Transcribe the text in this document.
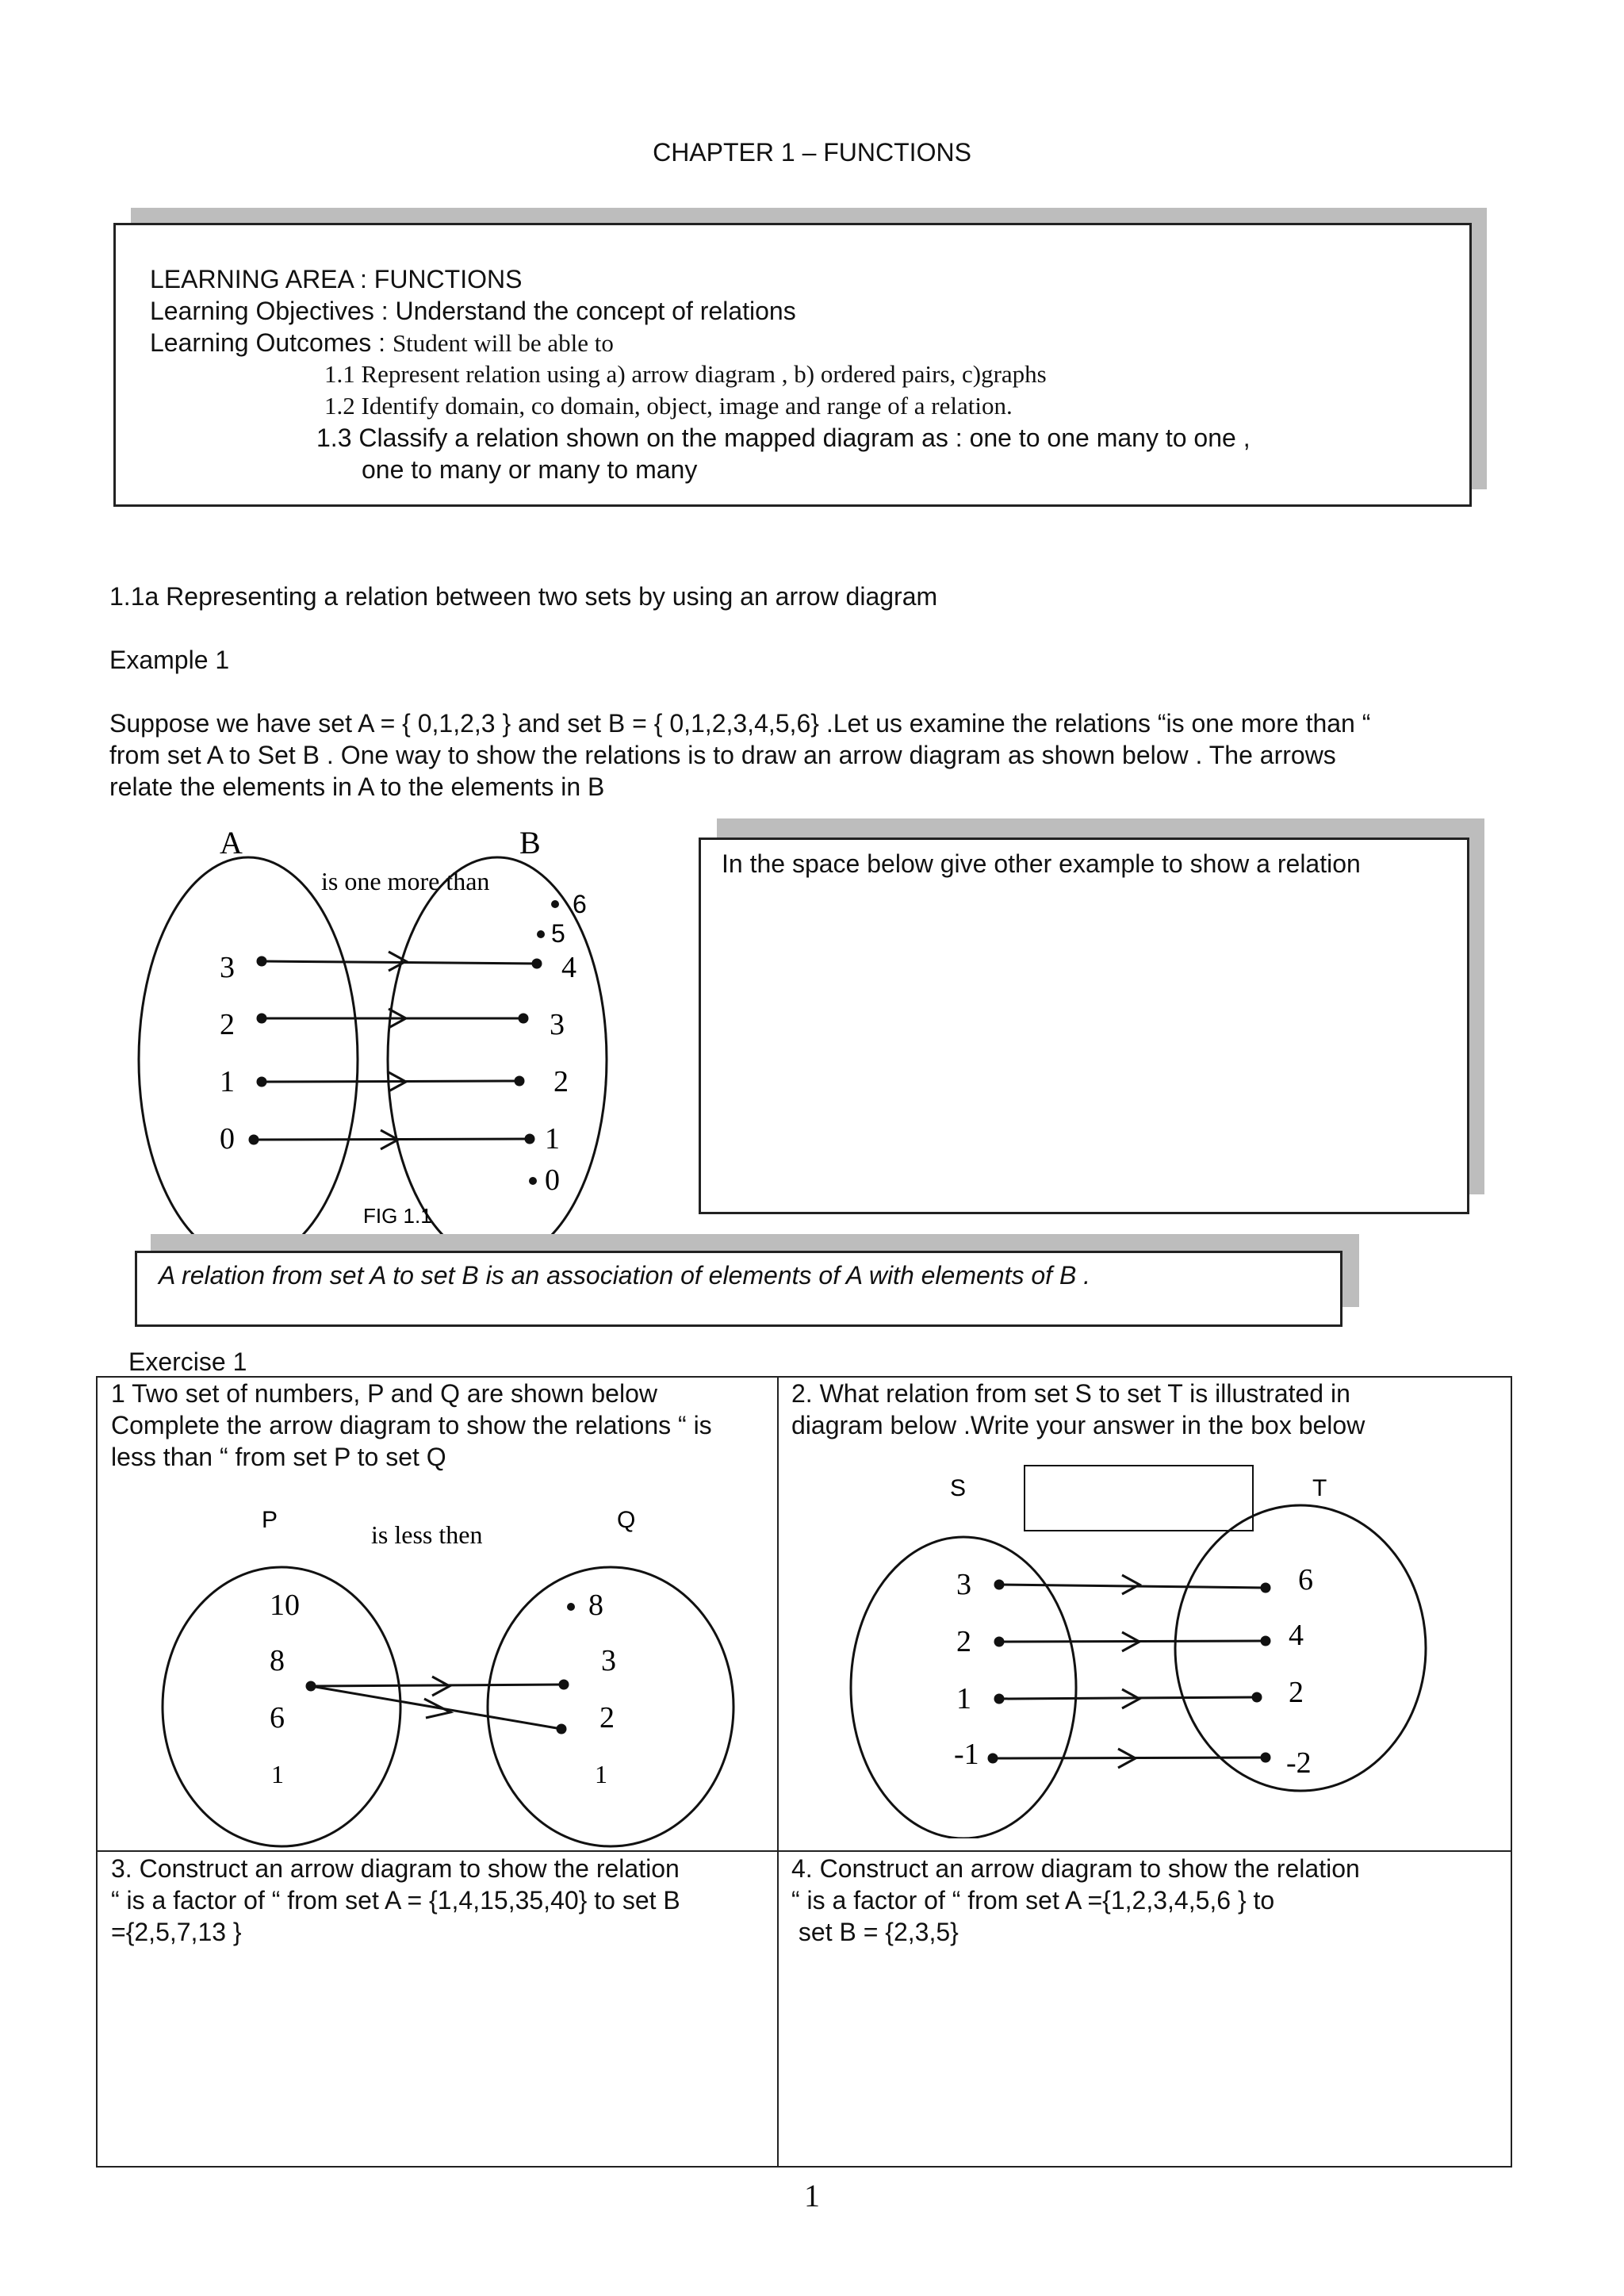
CHAPTER 1 – FUNCTIONS
LEARNING AREA : FUNCTIONS
Learning Objectives : Understand the concept of relations
Learning Outcomes : Student will be able to
1.1 Represent relation using a) arrow diagram , b) ordered pairs, c)graphs
1.2 Identify domain, co domain, object, image and range of a relation.
1.3 Classify a relation shown on the mapped diagram as : one to one many to one ,
one to many or many to many
1.1a Representing a relation between two sets by using an arrow diagram
Example 1
Suppose we have set A = { 0,1,2,3 } and set B = { 0,1,2,3,4,5,6} .Let us examine the relations “is one more than “
from set A to Set B . One way to show the relations is to draw an arrow diagram as shown below . The arrows
relate the elements in A to the elements in B
A	B
is one more than
3
2
1
0
6
5
4
3
2
1
0
FIG 1.1
In the space below give other example to show a relation
A relation from set A to set B is an association of elements of A with elements of B .
Exercise 1
1 Two set of numbers, P and Q are shown below
Complete the arrow diagram to show the relations “ is
less than “ from set P to set Q
P	Q
is less then
10
8
6
1
8
3
2
1
2. What relation from set S to set T is illustrated in
diagram below .Write your answer in the box below
S	T
3
2
1
-1
6
4
2
-2
3. Construct an arrow diagram to show the relation
“ is a factor of “ from set A = {1,4,15,35,40} to set B
={2,5,7,13 }
4. Construct an arrow diagram to show the relation
“ is a factor of “ from set A ={1,2,3,4,5,6 } to
set B = {2,3,5}
1
